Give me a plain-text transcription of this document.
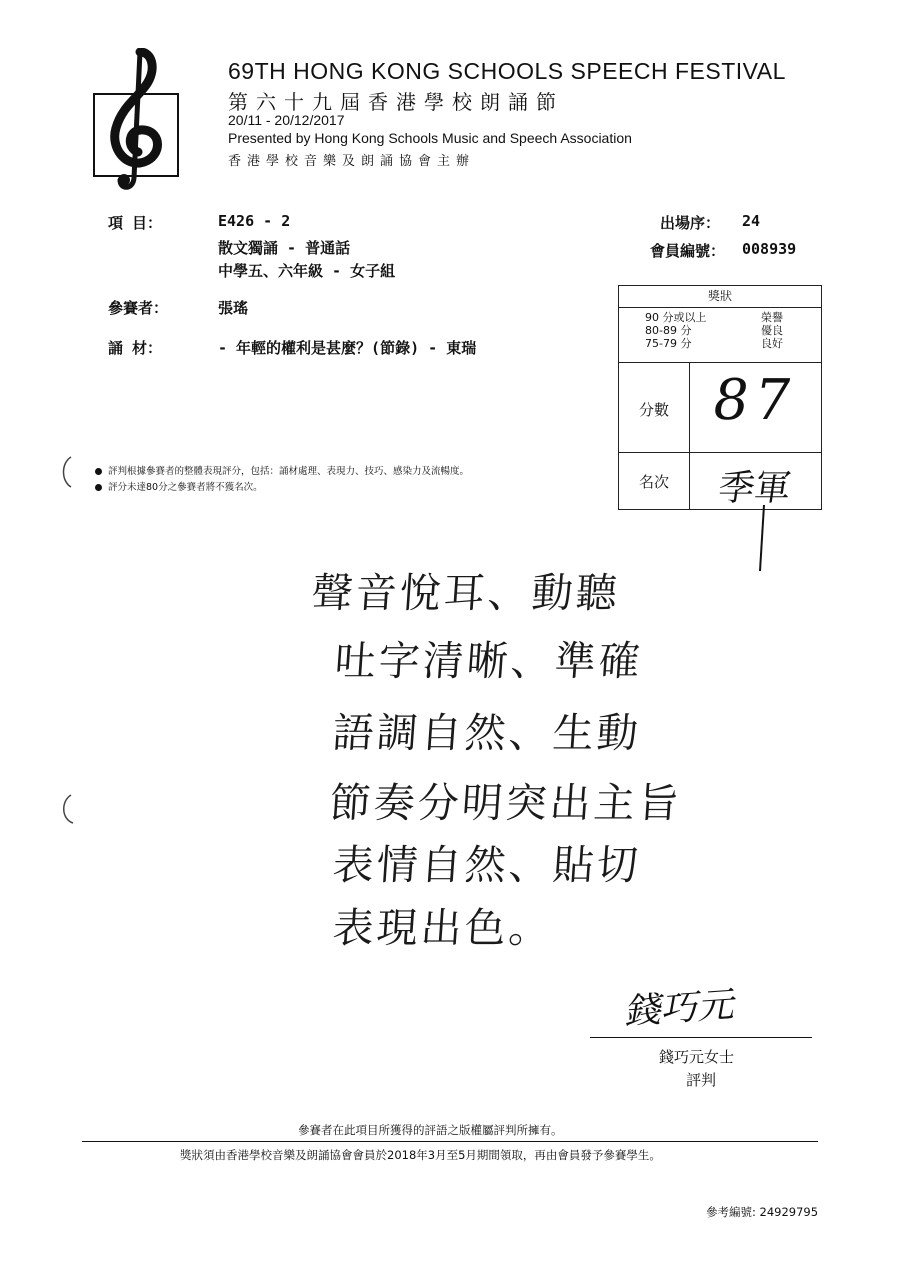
69TH HONG KONG SCHOOLS SPEECH FESTIVAL
第六十九屆香港學校朗誦節
20/11 - 20/12/2017
Presented by Hong Kong Schools Music and Speech Association
香港學校音樂及朗誦協會主辦
項 目：	E426 - 2
散文獨誦 - 普通話
中學五、六年級 - 女子組
參賽者：	張瑤
誦 材：	- 年輕的權利是甚麼？(節錄) - 東瑞
出場序： 24
會員編號： 008939
獎狀
90 分或以上	榮譽
80-89 分	優良
75-79 分	良好
分數 87
名次	季軍
評判根據參賽者的整體表現評分，包括：誦材處理、表現力、技巧、感染力及流暢度。
評分未達80分之參賽者將不獲名次。
聲音悅耳、動聽
吐字清晰、準確
語調自然、生動
節奏分明突出主旨
表情自然、貼切
表現出色。
錢巧元
錢巧元女士
評判
參賽者在此項目所獲得的評語之版權屬評判所擁有。
獎狀須由香港學校音樂及朗誦協會會員於2018年3月至5月期間領取，再由會員發予參賽學生。
參考編號: 24929795
